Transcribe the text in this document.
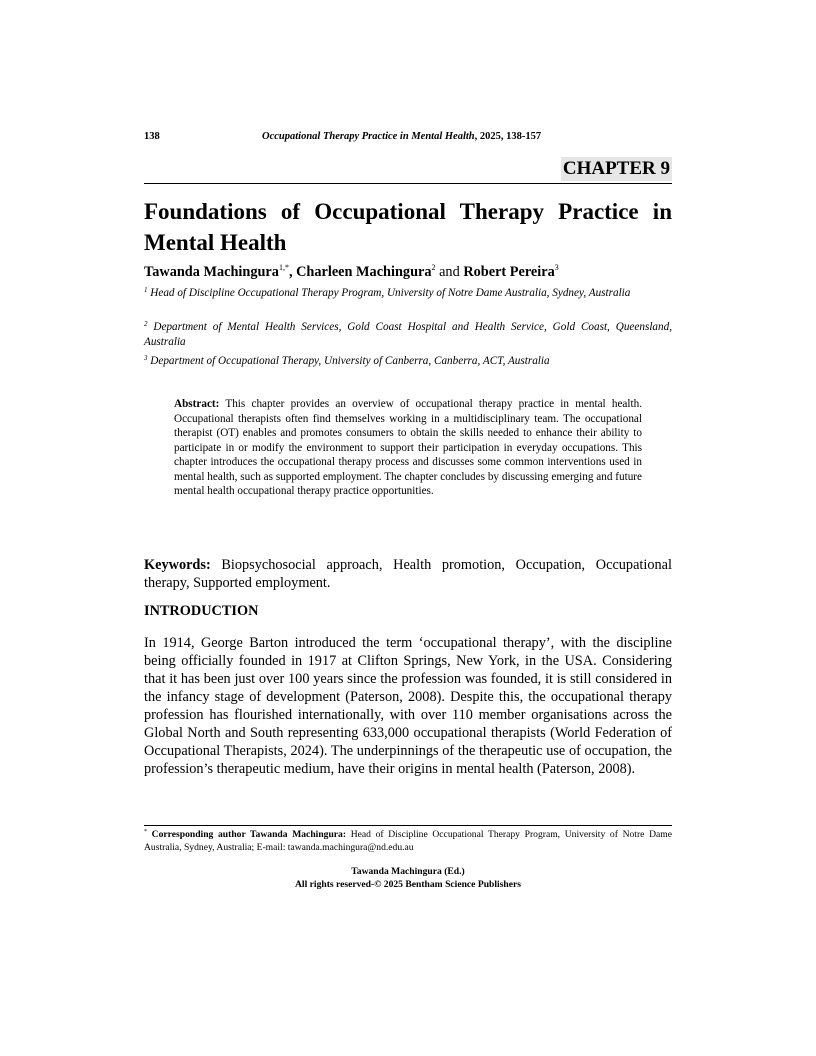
138	Occupational Therapy Practice in Mental Health, 2025, 138-157
CHAPTER 9
Foundations of Occupational Therapy Practice in
Mental Health
Tawanda Machingura$^{1,*}$, Charleen Machingura$^2$ and Robert Pereira$^3$
$^1$ Head of Discipline Occupational Therapy Program, University of Notre Dame Australia, Sydney, Australia
$^2$ Department of Mental Health Services, Gold Coast Hospital and Health Service, Gold Coast, Queensland, Australia
$^3$ Department of Occupational Therapy, University of Canberra, Canberra, ACT, Australia
Abstract: This chapter provides an overview of occupational therapy practice in mental health. Occupational therapists often find themselves working in a multidisciplinary team. The occupational therapist (OT) enables and promotes consumers to obtain the skills needed to enhance their ability to participate in or modify the environment to support their participation in everyday occupations. This chapter introduces the occupational therapy process and discusses some common interventions used in mental health, such as supported employment. The chapter concludes by discussing emerging and future mental health occupational therapy practice opportunities.
Keywords: Biopsychosocial approach, Health promotion, Occupation, Occupational therapy, Supported employment.
INTRODUCTION
In 1914, George Barton introduced the term ‘occupational therapy’, with the discipline being officially founded in 1917 at Clifton Springs, New York, in the USA. Considering that it has been just over 100 years since the profession was founded, it is still considered in the infancy stage of development (Paterson, 2008). Despite this, the occupational therapy profession has flourished internationally, with over 110 member organisations across the Global North and South representing 633,000 occupational therapists (World Federation of Occupational Therapists, 2024). The underpinnings of the therapeutic use of occupation, the profession’s therapeutic medium, have their origins in mental health (Paterson, 2008).
* Corresponding author Tawanda Machingura: Head of Discipline Occupational Therapy Program, University of Notre Dame Australia, Sydney, Australia; E-mail: tawanda.machingura@nd.edu.au
Tawanda Machingura (Ed.)
All rights reserved-© 2025 Bentham Science Publishers
